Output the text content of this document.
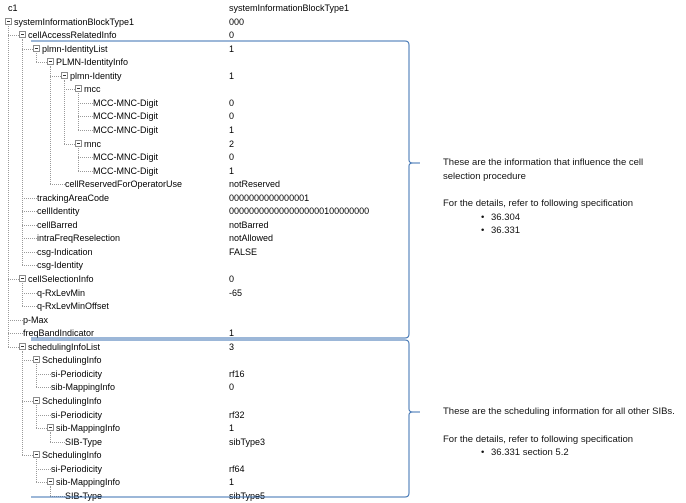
c1	systemInformationBlockType1
systemInformationBlockType1	000
cellAccessRelatedInfo	0
plmn-IdentityList	1
PLMN-IdentityInfo
plmn-Identity	1
mcc
MCC-MNC-Digit	0
MCC-MNC-Digit	0
MCC-MNC-Digit	1
mnc	2
MCC-MNC-Digit	0
MCC-MNC-Digit	1
cellReservedForOperatorUse	notReserved
trackingAreaCode	0000000000000001
cellIdentity	0000000000000000000100000000
cellBarred	notBarred
intraFreqReselection	notAllowed
csg-Indication	FALSE
csg-Identity
cellSelectionInfo	0
q-RxLevMin	-65
q-RxLevMinOffset
p-Max
freqBandIndicator	1
schedulingInfoList	3
SchedulingInfo
si-Periodicity	rf16
sib-MappingInfo	0
SchedulingInfo
si-Periodicity	rf32
sib-MappingInfo	1
SIB-Type	sibType3
SchedulingInfo
si-Periodicity	rf64
sib-MappingInfo	1
SIB-Type	sibType5

These are the information that influence the cell selection procedure

For the details, refer to following specification

• 36.304
• 36.331

These are the scheduling information for all other SIBs.

For the details, refer to following specification

• 36.331 section 5.2
